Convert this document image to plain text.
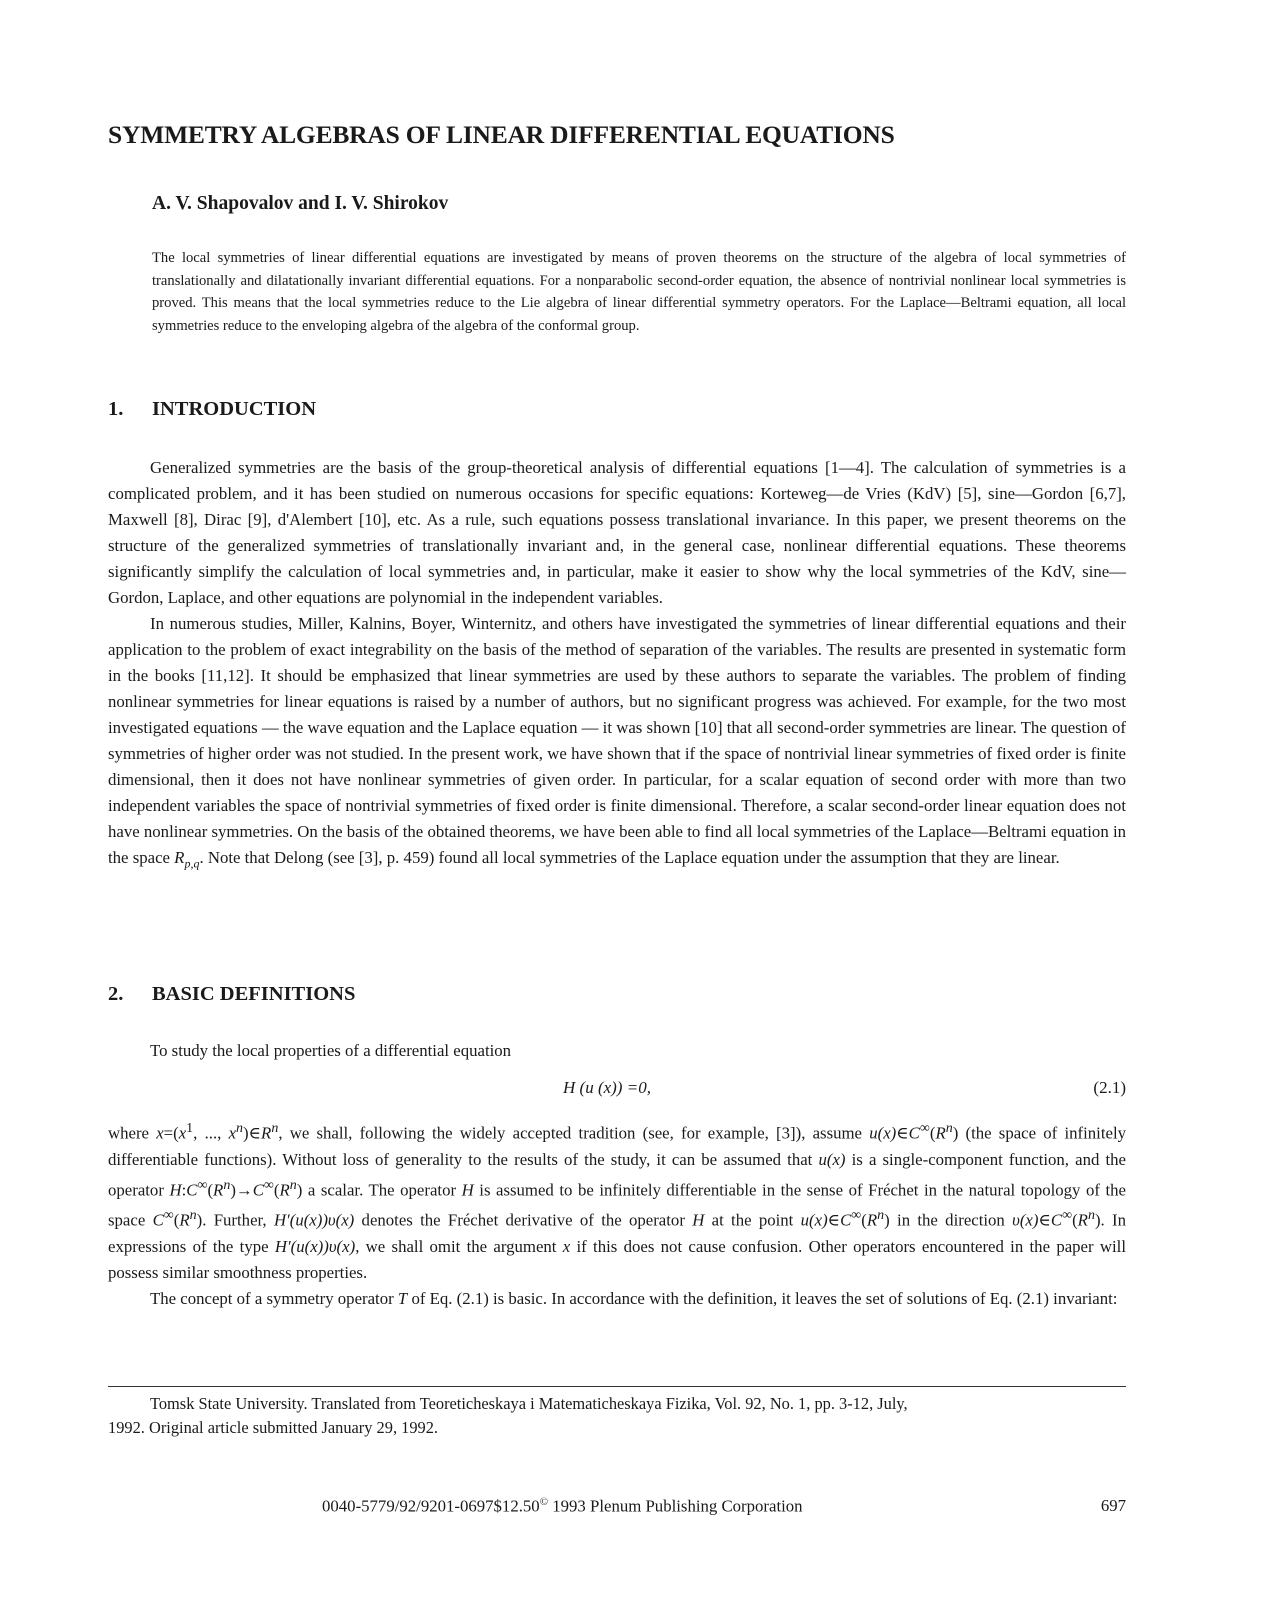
SYMMETRY ALGEBRAS OF LINEAR DIFFERENTIAL EQUATIONS
A. V. Shapovalov and I. V. Shirokov

The local symmetries of linear differential equations are investigated by means of proven theorems on the structure of the algebra of local symmetries of translationally and dilatationally invariant differential equations. For a nonparabolic second-order equation, the absence of nontrivial nonlinear local symmetries is proved. This means that the local symmetries reduce to the Lie algebra of linear differential symmetry operators. For the Laplace—Beltrami equation, all local symmetries reduce to the enveloping algebra of the algebra of the conformal group.

1. INTRODUCTION

Generalized symmetries are the basis of the group-theoretical analysis of differential equations [1—4]. The calculation of symmetries is a complicated problem, and it has been studied on numerous occasions for specific equations: Korteweg—de Vries (KdV) [5], sine—Gordon [6,7], Maxwell [8], Dirac [9], d'Alembert [10], etc. As a rule, such equations possess translational invariance. In this paper, we present theorems on the structure of the generalized symmetries of translationally invariant and, in the general case, nonlinear differential equations. These theorems significantly simplify the calculation of local symmetries and, in particular, make it easier to show why the local symmetries of the KdV, sine—Gordon, Laplace, and other equations are polynomial in the independent variables.

In numerous studies, Miller, Kalnins, Boyer, Winternitz, and others have investigated the symmetries of linear differential equations and their application to the problem of exact integrability on the basis of the method of separation of the variables. The results are presented in systematic form in the books [11,12]. It should be emphasized that linear symmetries are used by these authors to separate the variables. The problem of finding nonlinear symmetries for linear equations is raised by a number of authors, but no significant progress was achieved. For example, for the two most investigated equations — the wave equation and the Laplace equation — it was shown [10] that all second-order symmetries are linear. The question of symmetries of higher order was not studied. In the present work, we have shown that if the space of nontrivial linear symmetries of fixed order is finite dimensional, then it does not have nonlinear symmetries of given order. In particular, for a scalar equation of second order with more than two independent variables the space of nontrivial symmetries of fixed order is finite dimensional. Therefore, a scalar second-order linear equation does not have nonlinear symmetries. On the basis of the obtained theorems, we have been able to find all local symmetries of the Laplace—Beltrami equation in the space $R_{p,q}$. Note that Delong (see [3], p. 459) found all local symmetries of the Laplace equation under the assumption that they are linear.

2. BASIC DEFINITIONS

To study the local properties of a differential equation

H (u (x)) =0,	(2.1)

where $x=(x^1$, ..., $x^n)\in R^n$, we shall, following the widely accepted tradition (see, for example, [3]), assume $u(x)\in C^\infty(R^n)$ (the space of infinitely differentiable functions). Without loss of generality to the results of the study, it can be assumed that u(x) is a single-component function, and the operator $H:C^\infty(R^n)\to C^\infty(R^n)$ a scalar. The operator H is assumed to be infinitely differentiable in the sense of Fréchet in the natural topology of the space $C^\infty(R^n)$. Further, H′(u(x))υ(x) denotes the Fréchet derivative of the operator H at the point $u(x)\in C^\infty(R^n)$ in the direction $\upsilon(x)\in C^\infty(R^n)$. In expressions of the type H′(u(x))υ(x), we shall omit the argument x if this does not cause confusion. Other operators encountered in the paper will possess similar smoothness properties.

The concept of a symmetry operator T of Eq. (2.1) is basic. In accordance with the definition, it leaves the set of solutions of Eq. (2.1) invariant:

Tomsk State University. Translated from Teoreticheskaya i Matematicheskaya Fizika, Vol. 92, No. 1, pp. 3-12, July,
1992. Original article submitted January 29, 1992.

0040-5779/92/9201-0697$12.50© 1993 Plenum Publishing Corporation	697
